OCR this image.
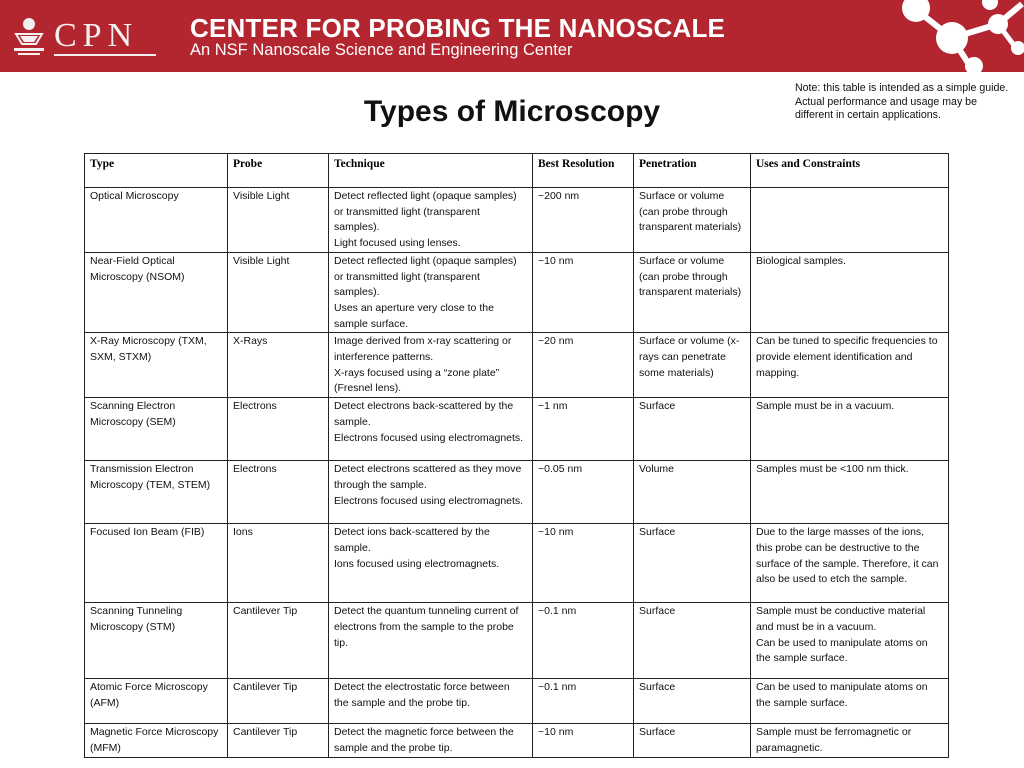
CPN CENTER FOR PROBING THE NANOSCALE
An NSF Nanoscale Science and Engineering Center
Types of Microscopy

Note: this table is intended as a simple guide. Actual performance and usage may be different in certain applications.

Type	Probe	Technique	Best Resolution	Penetration	Uses and Constraints
Optical Microscopy	Visible Light	Detect reflected light (opaque samples) or transmitted light (transparent samples).
Light focused using lenses.	~200 nm	Surface or volume (can probe through transparent materials)	

Near-Field Optical Microscopy (NSOM)	Visible Light	Detect reflected light (opaque samples) or transmitted light (transparent samples).
Uses an aperture very close to the sample surface.	~10 nm	Surface or volume (can probe through transparent materials)	Biological samples.

X-Ray Microscopy (TXM, SXM, STXM)	X-Rays	Image derived from x-ray scattering or interference patterns.
X-rays focused using a “zone plate” (Fresnel lens).	~20 nm	Surface or volume (x-rays can penetrate some materials)	Can be tuned to specific frequencies to provide element identification and mapping.

Scanning Electron Microscopy (SEM)	Electrons	Detect electrons back-scattered by the sample.
Electrons focused using electromagnets.	~1 nm	Surface	Sample must be in a vacuum.

Transmission Electron Microscopy (TEM, STEM)	Electrons	Detect electrons scattered as they move through the sample.
Electrons focused using electromagnets.	~0.05 nm	Volume	Samples must be <100 nm thick.

Focused Ion Beam (FIB)	Ions	Detect ions back-scattered by the sample.
Ions focused using electromagnets.	~10 nm	Surface	Due to the large masses of the ions, this probe can be destructive to the surface of the sample. Therefore, it can also be used to etch the sample.

Scanning Tunneling Microscopy (STM)	Cantilever Tip	Detect the quantum tunneling current of electrons from the sample to the probe tip.	~0.1 nm	Surface	Sample must be conductive material and must be in a vacuum.
Can be used to manipulate atoms on the sample surface.

Atomic Force Microscopy (AFM)	Cantilever Tip	Detect the electrostatic force between the sample and the probe tip.	~0.1 nm	Surface	Can be used to manipulate atoms on the sample surface.

Magnetic Force Microscopy (MFM)	Cantilever Tip	Detect the magnetic force between the sample and the probe tip.	~10 nm	Surface	Sample must be ferromagnetic or paramagnetic.
